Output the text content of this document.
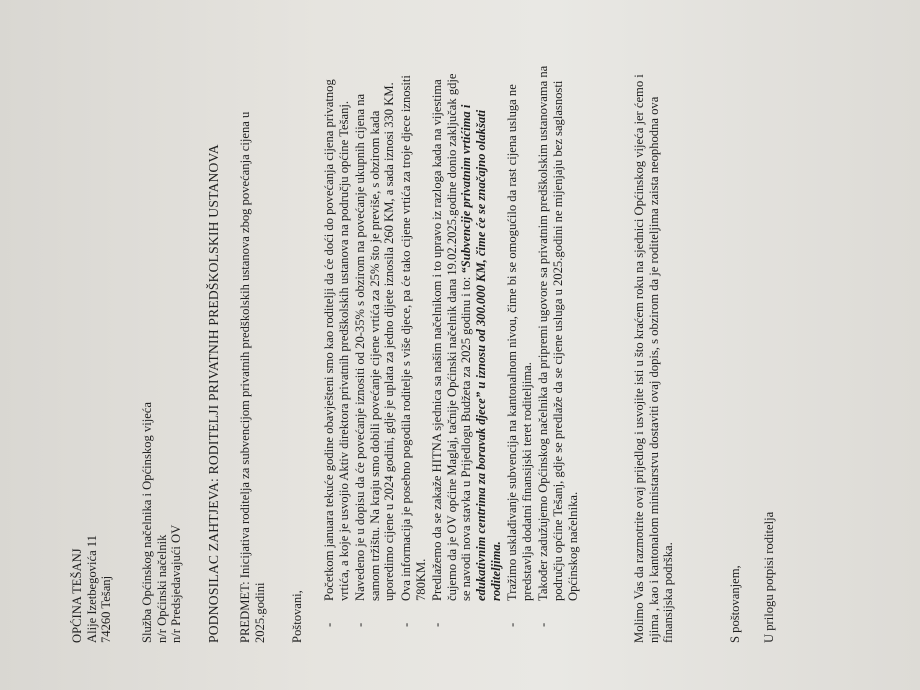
OPĆINA TEŠANJ Alije Izetbegovića 11 74260 Tešanj Služba Općinskog načelnika i Općinskog vijeća n/r Općinski načelnik n/r Predsjedavajući OV PODNOSILAC ZAHTJEVA: RODITELJI PRIVATNIH PREDŠKOLSKIH USTANOVA PREDMET: Inicijativa roditelja za subvencijom privatnih predškolskih ustanova zbog povećanja cijena u 2025.godini Poštovani,
- Početkom januara tekuće godine obavješteni smo kao roditelji da će doći do povećanja cijena privatnog vrtića, a koje je usvojio Aktiv direktora privatnih predškolskih ustanova na području općine Tešanj. - Navedeno je u dopisu da će povećanje iznositi od 20-35% s obzirom na povećanje ukupnih cijena na samom tržištu. Na kraju smo dobili povećanje cijene vrtića za 25% što je previše, s obzirom kada uporedimo cijene u 2024 godini, gdje je uplata za jedno dijete iznosila 260 KM, a sada iznosi 330 KM. - Ova informacija je posebno pogodila roditelje s više djece, pa će tako cijene vrtića za troje djece iznositi 780KM. - Predlažemo da se zakaže HITNA sjednica sa našim načelnikom i to upravo iz razloga kada na vijestima čujemo da je OV općine Maglaj, tačnije Općinski načelnik dana 19.02.2025.godine donio zaključak gdje se navodi nova stavka u Prijedlogu Budžeta za 2025 godinu i to: “Subvencije privatnim vrtićima i edukativnim centrima za boravak djece” u iznosu od 300.000 KM, čime će se značajno olakšati roditeljima. - Tražimo usklađivanje subvencija na kantonalnom nivou, čime bi se omogućilo da rast cijena usluga ne predstavlja dodatni finansijski teret roditeljima. - Također zadužujemo Općinskog načelnika da pripremi ugovore sa privatnim predškolskim ustanovama na području općine Tešanj, gdje se predlaže da se cijene usluga u 2025.godini ne mijenjaju bez saglasnosti Općinskog načelnika.	Molimo Vas da razmotrite ovaj prijedlog i usvojite isti u što kraćem roku na sjednici Općinskog vijeća jer ćemo i njima , kao i kantonalom ministarstvu dostaviti ovaj dopis, s obzirom da je roditeljima zaista neophodna ova finansijska podrška.	S poštovanjem, U prilogu potpisi roditelja
